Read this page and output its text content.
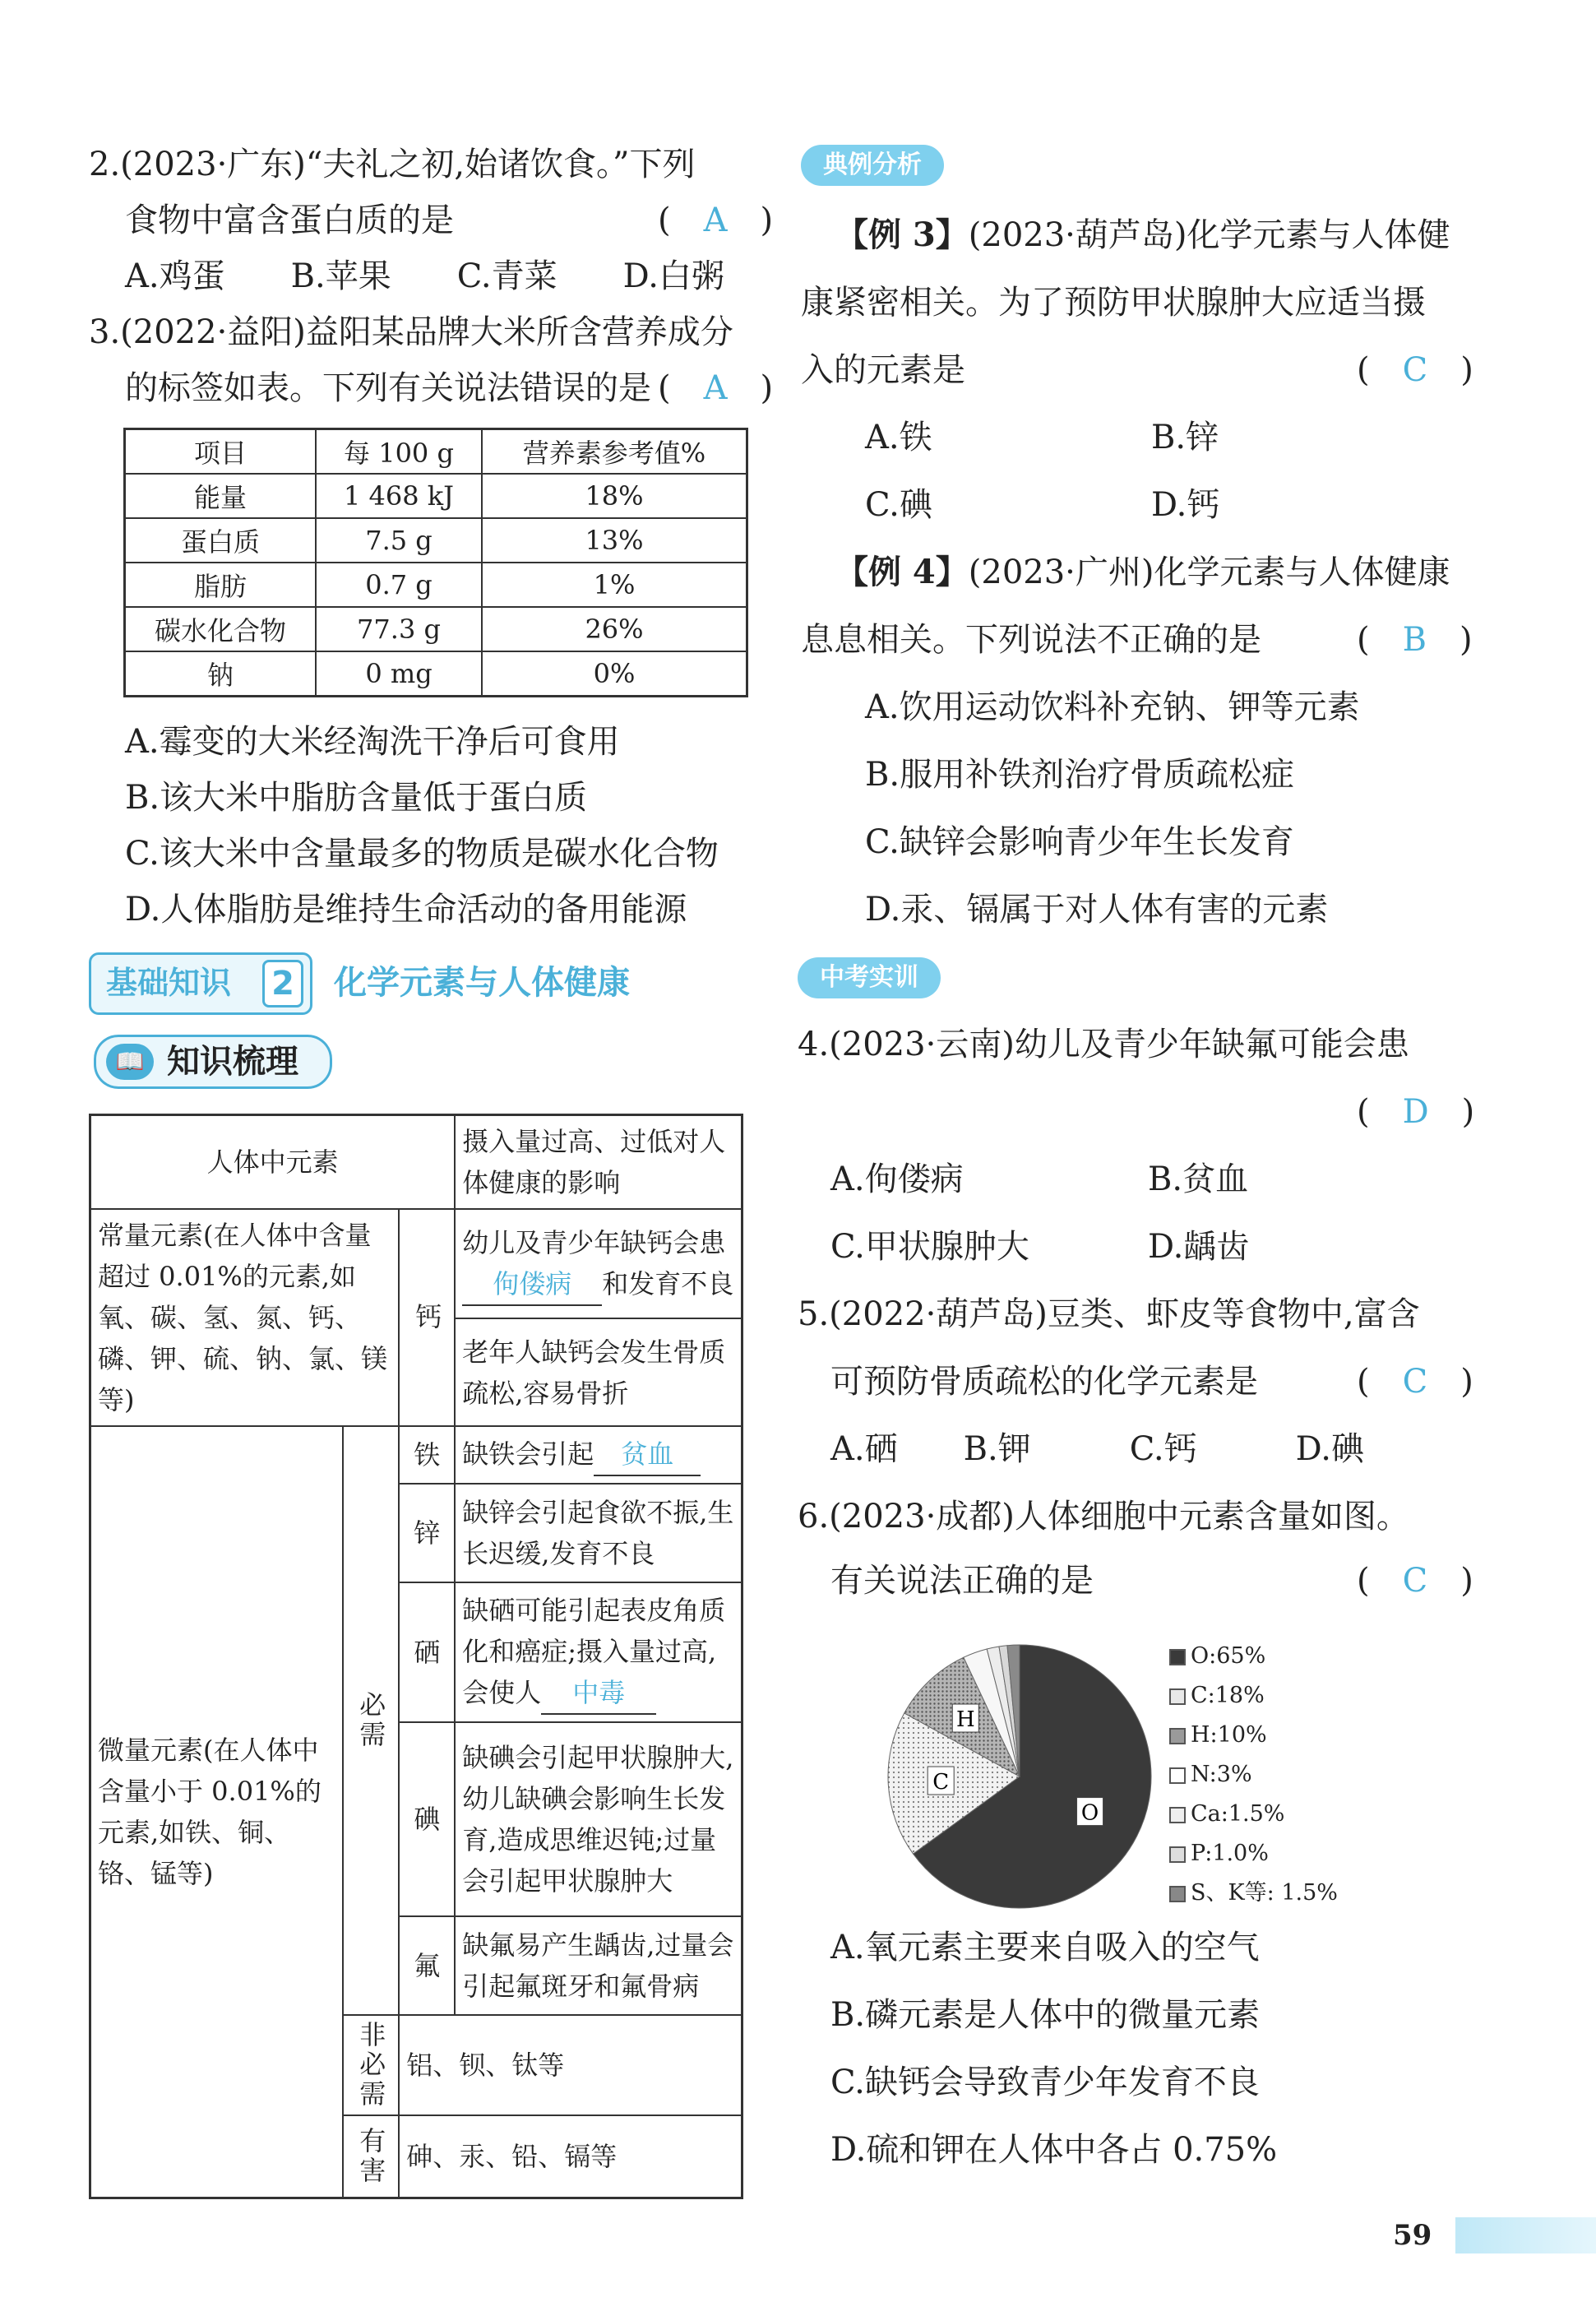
2.(2023·广东)“夫礼之初,始诸饮食。”下列
食物中富含蛋白质的是	(　A　)
A.鸡蛋　　B.苹果　　C.青菜　　D.白粥
3.(2022·益阳)益阳某品牌大米所含营养成分
的标签如表。下列有关说法错误的是 (　A　)
项目	每 100 g	营养素参考值%
能量	1 468 kJ	18%
蛋白质	7.5 g	13%
脂肪	0.7 g	1%
碳水化合物	77.3 g	26%
钠	0 mg	0%
A.霉变的大米经淘洗干净后可食用
B.该大米中脂肪含量低于蛋白质
C.该大米中含量最多的物质是碳水化合物
D.人体脂肪是维持生命活动的备用能源
基础知识 2 化学元素与人体健康
📖 知识梳理
人体中元素			摄入量过高、过低对人体健康的影响
常量元素(在人体中含量超过 0.01%的元素,如氧、碳、氢、氮、钙、磷、钾、硫、钠、氯、镁等)		钙	幼儿及青少年缺钙会患
佝偻病 和发育不良
			老年人缺钙会发生骨质疏松,容易骨折
微量元素(在人体中含量小于 0.01%的元素,如铁、铜、铬、锰等)	必需	铁	缺铁会引起 贫血
		锌	缺锌会引起食欲不振,生长迟缓,发育不良
		硒	缺硒可能引起表皮角质化和癌症;摄入量过高,会使人 中毒
		碘	缺碘会引起甲状腺肿大,幼儿缺碘会影响生长发育,造成思维迟钝;过量会引起甲状腺肿大
		氟	缺氟易产生龋齿,过量会引起氟斑牙和氟骨病
	非必需	铝、钡、钛等	
	有害	砷、汞、铅、镉等	
典例分析
【例 3】(2023·葫芦岛)化学元素与人体健
康紧密相关。为了预防甲状腺肿大应适当摄
入的元素是	(　C　)
A.铁	B.锌
C.碘	D.钙
【例 4】(2023·广州)化学元素与人体健康
息息相关。下列说法不正确的是	(　B　)
A.饮用运动饮料补充钠、钾等元素
B.服用补铁剂治疗骨质疏松症
C.缺锌会影响青少年生长发育
D.汞、镉属于对人体有害的元素
中考实训
4.(2023·云南)幼儿及青少年缺氟可能会患
(　D　)
A.佝偻病	B.贫血
C.甲状腺肿大	D.龋齿
5.(2022·葫芦岛)豆类、虾皮等食物中,富含
可预防骨质疏松的化学元素是	(　C　)
A.硒　　B.钾　　　C.钙　　　D.碘
6.(2023·成都)人体细胞中元素含量如图。
有关说法正确的是	(　C　)
O
C
H
O:65%
C:18%
H:10%
N:3%
Ca:1.5%
P:1.0%
S、K等: 1.5%
A.氧元素主要来自吸入的空气
B.磷元素是人体中的微量元素
C.缺钙会导致青少年发育不良
D.硫和钾在人体中各占 0.75%
59
